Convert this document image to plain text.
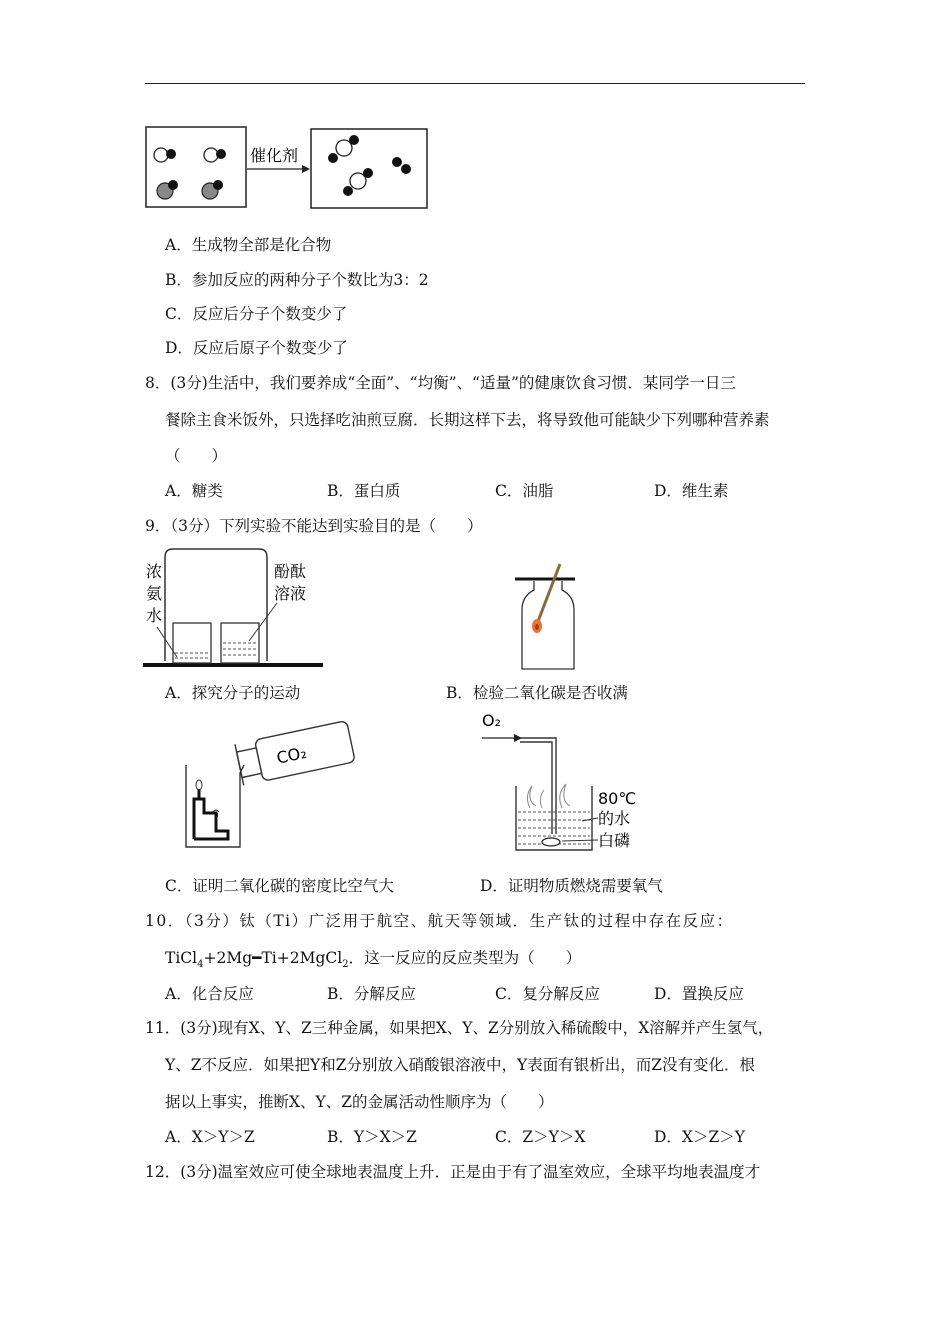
催化剂
A．生成物全部是化合物
B．参加反应的两种分子个数比为3：2
C．反应后分子个数变少了
D．反应后原子个数变少了
8．(3分)生活中，我们要养成“全面”、“均衡”、“适量”的健康饮食习惯．某同学一日三
餐除主食米饭外，只选择吃油煎豆腐．长期这样下去，将导致他可能缺少下列哪种营养素
（　　）
A．糖类	B．蛋白质	C．油脂	D．维生素
9．（3分）下列实验不能达到实验目的是（　　）
浓
氨
水
酚酞
溶液
A．探究分子的运动	B．检验二氧化碳是否收满
CO₂
O₂
80℃
的水
白磷
C．证明二氧化碳的密度比空气大	D．证明物质燃烧需要氧气
10．（3分）钛（Ti）广泛用于航空、航天等领域．生产钛的过程中存在反应：
TiCl$_4$+2Mg━Ti+2MgCl$_2$．这一反应的反应类型为（　　）
A．化合反应	B．分解反应	C．复分解反应	D．置换反应
11．(3分)现有X、Y、Z三种金属，如果把X、Y、Z分别放入稀硫酸中，X溶解并产生氢气，
Y、Z不反应．如果把Y和Z分别放入硝酸银溶液中，Y表面有银析出，而Z没有变化．根
据以上事实，推断X、Y、Z的金属活动性顺序为（　　）
A．X＞Y＞Z	B．Y＞X＞Z	C．Z＞Y＞X	D．X＞Z＞Y
12．(3分)温室效应可使全球地表温度上升．正是由于有了温室效应，全球平均地表温度才
